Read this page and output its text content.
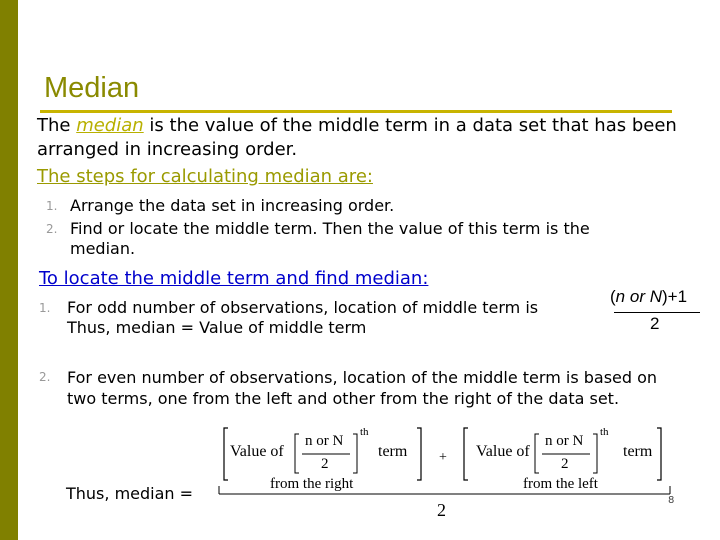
Median
The median is the value of the middle term in a data set that has been arranged in increasing order.
The steps for calculating median are:
1. Arrange the data set in increasing order.
2. Find or locate the middle term. Then the value of this term is the median.
To locate the middle term and find median:
1.	For odd number of observations, location of middle term is
Thus, median = Value of middle term
(n or N)+1
2
2.	For even number of observations, location of the middle term is based on two terms, one from the left and other from the right of the data set.
Thus, median =
Value of
n or N
2
th
term
from the right
+ Value of
n or N
2
th
term
from the left
2	8
